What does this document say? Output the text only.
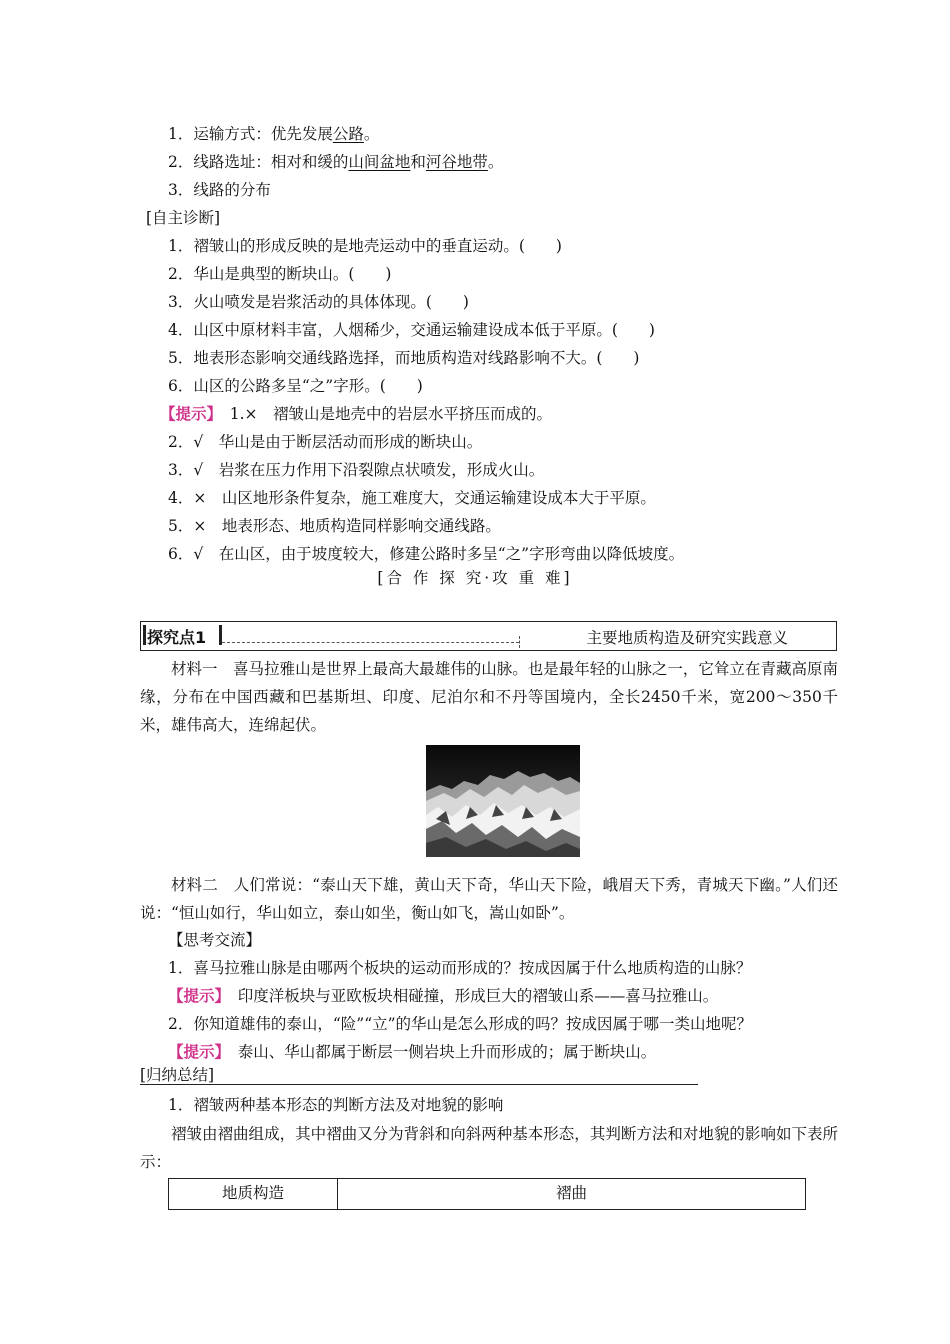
1．运输方式：优先发展公路。
2．线路选址：相对和缓的山间盆地和河谷地带。
3．线路的分布
[自主诊断]
1．褶皱山的形成反映的是地壳运动中的垂直运动。(　　)
2．华山是典型的断块山。(　　)
3．火山喷发是岩浆活动的具体体现。(　　)
4．山区中原材料丰富，人烟稀少，交通运输建设成本低于平原。(　　)
5．地表形态影响交通线路选择，而地质构造对线路影响不大。(　　)
6．山区的公路多呈“之”字形。(　　)
【提示】　1.×　褶皱山是地壳中的岩层水平挤压而成的。
2．√　华山是由于断层活动而形成的断块山。
3．√　岩浆在压力作用下沿裂隙点状喷发，形成火山。
4．×　山区地形条件复杂，施工难度大，交通运输建设成本大于平原。
5．×　地表形态、地质构造同样影响交通线路。
6．√　在山区，由于坡度较大，修建公路时多呈“之”字形弯曲以降低坡度。
[合 作 探 究·攻 重 难]
探究点1	主要地质构造及研究实践意义
材料一　喜马拉雅山是世界上最高大最雄伟的山脉。也是最年轻的山脉之一，它耸立在青藏高原南缘，分布在中国西藏和巴基斯坦、印度、尼泊尔和不丹等国境内，全长2450千米，宽200～350千米，雄伟高大，连绵起伏。
材料二　人们常说：“泰山天下雄，黄山天下奇，华山天下险，峨眉天下秀，青城天下幽。”人们还说：“恒山如行，华山如立，泰山如坐，衡山如飞，嵩山如卧”。
【思考交流】
1．喜马拉雅山脉是由哪两个板块的运动而形成的？按成因属于什么地质构造的山脉？
【提示】　印度洋板块与亚欧板块相碰撞，形成巨大的褶皱山系——喜马拉雅山。
2．你知道雄伟的泰山，“险”“立”的华山是怎么形成的吗？按成因属于哪一类山地呢？
【提示】　泰山、华山都属于断层一侧岩块上升而形成的；属于断块山。
[归纳总结]
1．褶皱两种基本形态的判断方法及对地貌的影响
褶皱由褶曲组成，其中褶曲又分为背斜和向斜两种基本形态，其判断方法和对地貌的影响如下表所示：
地质构造	褶曲
